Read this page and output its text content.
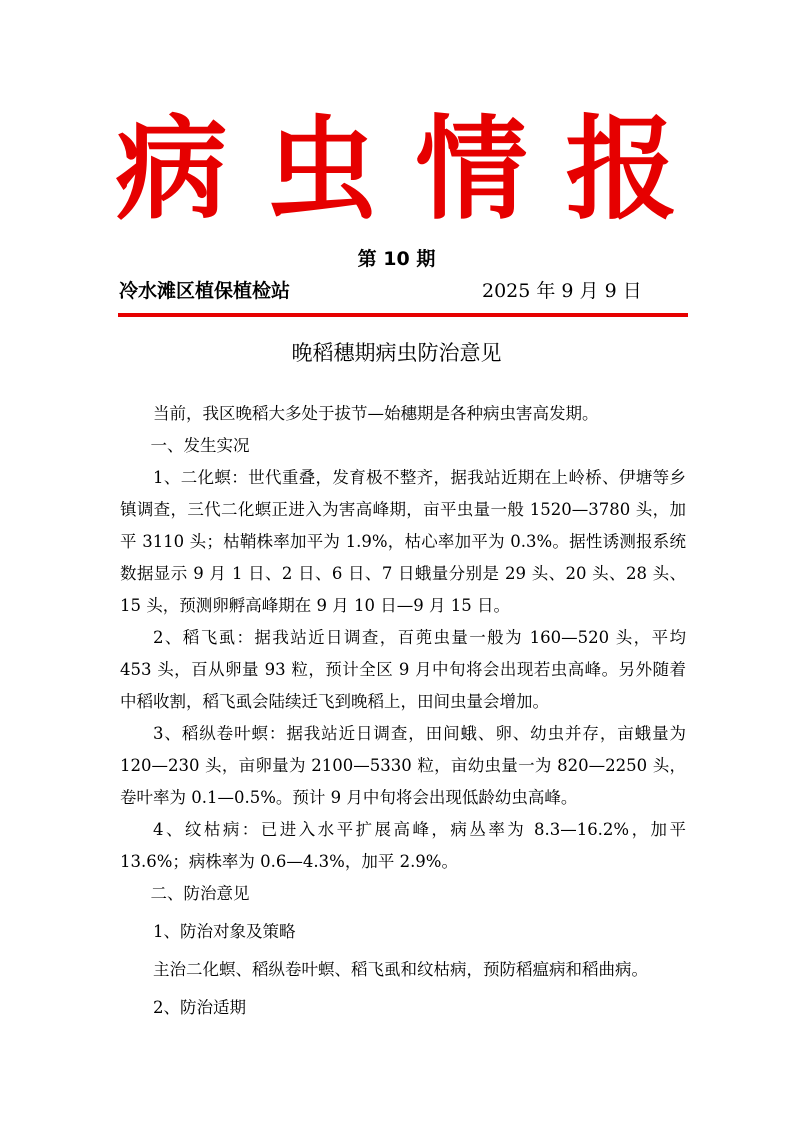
病虫情报
第 10 期
冷水滩区植保植检站	2025 年 9 月 9 日
晚稻穗期病虫防治意见

当前，我区晚稻大多处于拔节—始穗期是各种病虫害高发期。

一、发生实况

1、二化螟：世代重叠，发育极不整齐，据我站近期在上岭桥、伊塘等乡镇调查，三代二化螟正进入为害高峰期，亩平虫量一般 1520—3780 头，加平 3110 头；枯鞘株率加平为 1.9%，枯心率加平为 0.3%。据性诱测报系统数据显示 9 月 1 日、2 日、6 日、7 日蛾量分别是 29 头、20 头、28 头、15 头，预测卵孵高峰期在 9 月 10 日—9 月 15 日。

2、稻飞虱：据我站近日调查，百蔸虫量一般为 160—520 头，平均 453 头，百从卵量 93 粒，预计全区 9 月中旬将会出现若虫高峰。另外随着中稻收割，稻飞虱会陆续迁飞到晚稻上，田间虫量会增加。

3、稻纵卷叶螟：据我站近日调查，田间蛾、卵、幼虫并存，亩蛾量为 120—230 头，亩卵量为 2100—5330 粒，亩幼虫量一为 820—2250 头，卷叶率为 0.1—0.5%。预计 9 月中旬将会出现低龄幼虫高峰。

4、纹枯病：已进入水平扩展高峰，病丛率为 8.3—16.2%，加平 13.6%；病株率为 0.6—4.3%，加平 2.9%。

二、防治意见

1、防治对象及策略

主治二化螟、稻纵卷叶螟、稻飞虱和纹枯病，预防稻瘟病和稻曲病。

2、防治适期
